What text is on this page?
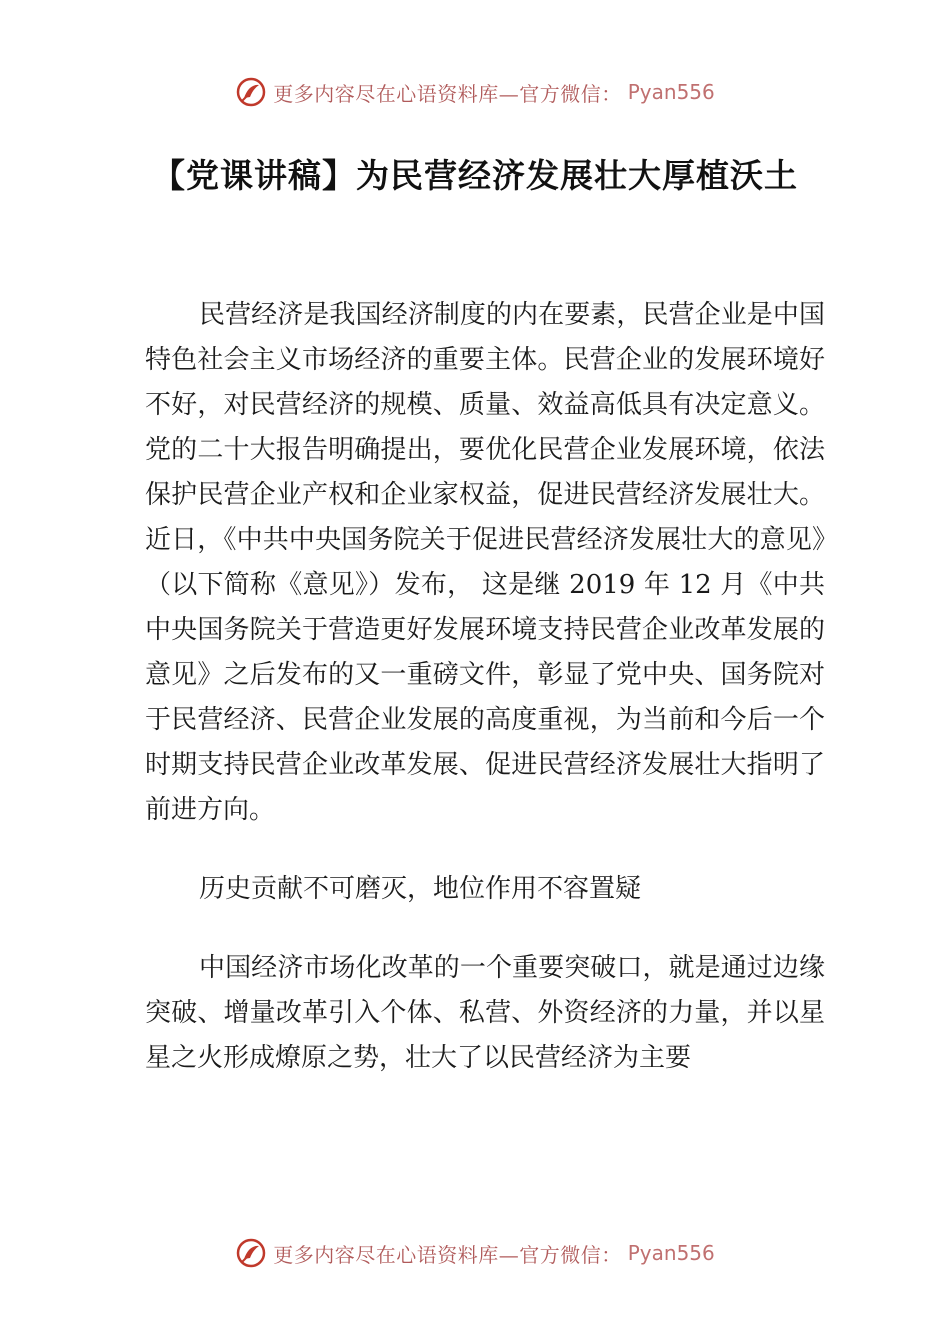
更多内容尽在心语资料库—官方微信： Pyan556
【党课讲稿】为民营经济发展壮大厚植沃土

民营经济是我国经济制度的内在要素，民营企业是中国特色社会主义市场经济的重要主体。民营企业的发展环境好不好，对民营经济的规模、质量、效益高低具有决定意义。党的二十大报告明确提出，要优化民营企业发展环境，依法保护民营企业产权和企业家权益，促进民营经济发展壮大。近日，《中共中央国务院关于促进民营经济发展壮大的意见》（以下简称《意见》）发布， 这是继 2019 年 12 月《中共中央国务院关于营造更好发展环境支持民营企业改革发展的意见》之后发布的又一重磅文件，彰显了党中央、国务院对于民营经济、民营企业发展的高度重视，为当前和今后一个时期支持民营企业改革发展、促进民营经济发展壮大指明了前进方向。

历史贡献不可磨灭，地位作用不容置疑

中国经济市场化改革的一个重要突破口，就是通过边缘突破、增量改革引入个体、私营、外资经济的力量，并以星星之火形成燎原之势，壮大了以民营经济为主要

更多内容尽在心语资料库—官方微信： Pyan556
